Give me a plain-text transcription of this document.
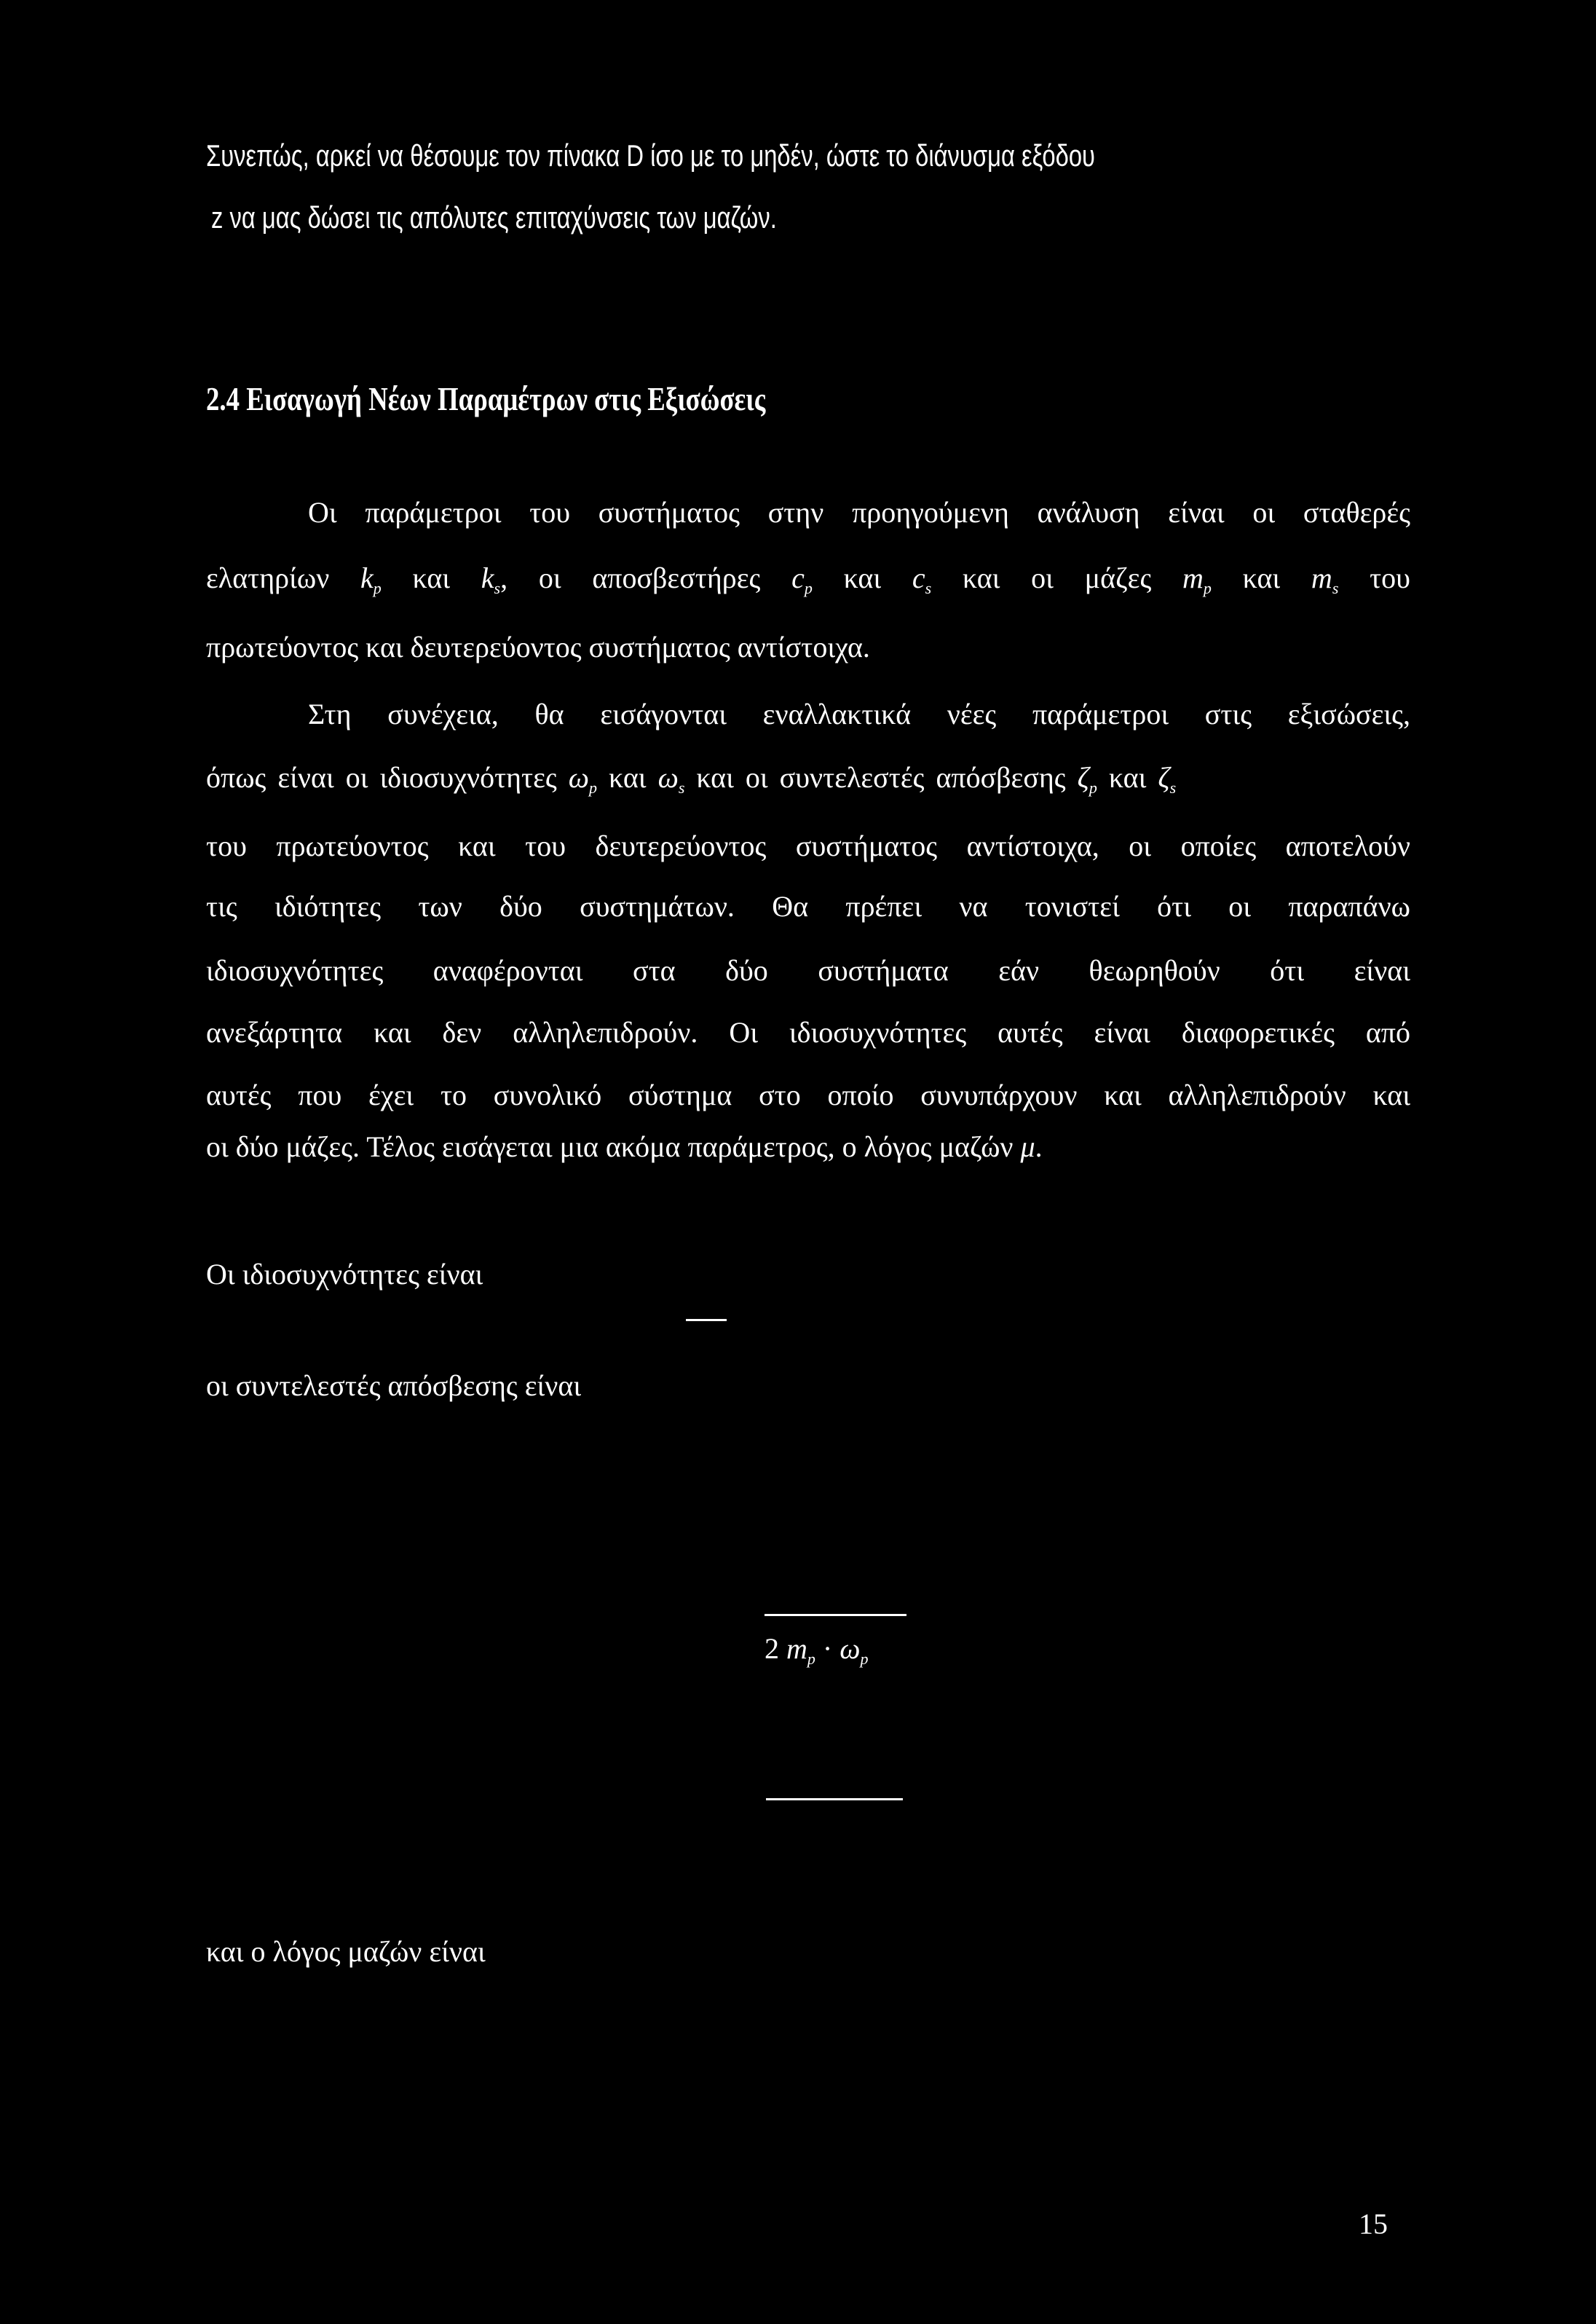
Συνεπώς, αρκεί να θέσουμε τον πίνακα D ίσο με το μηδέν, ώστε το διάνυσμα εξόδου
z να μας δώσει τις απόλυτες επιταχύνσεις των μαζών.
2.4 Εισαγωγή Νέων Παραμέτρων στις Εξισώσεις
Οι παράμετροι του συστήματος στην προηγούμενη ανάλυση είναι οι σταθερές
ελατηρίων $k_p$ και $k_s$, οι αποσβεστήρες $c_p$ και $c_s$ και οι μάζες $m_p$ και $m_s$ του
πρωτεύοντος και δευτερεύοντος συστήματος αντίστοιχα.
Στη συνέχεια, θα εισάγονται εναλλακτικά νέες παράμετροι στις εξισώσεις,
όπως είναι οι ιδιοσυχνότητες $\omega_p$ και $\omega_s$ και οι συντελεστές απόσβεσης $\zeta_p$ και $\zeta_s$
του πρωτεύοντος και του δευτερεύοντος συστήματος αντίστοιχα, οι οποίες αποτελούν
τις ιδιότητες των δύο συστημάτων. Θα πρέπει να τονιστεί ότι οι παραπάνω
ιδιοσυχνότητες αναφέρονται στα δύο συστήματα εάν θεωρηθούν ότι είναι
ανεξάρτητα και δεν αλληλεπιδρούν. Οι ιδιοσυχνότητες αυτές είναι διαφορετικές από
αυτές που έχει το συνολικό σύστημα στο οποίο συνυπάρχουν και αλληλεπιδρούν και
οι δύο μάζες. Τέλος εισάγεται μια ακόμα παράμετρος, ο λόγος μαζών μ.
Οι ιδιοσυχνότητες είναι
οι συντελεστές απόσβεσης είναι
2 $m_p \cdot \omega_p$
και ο λόγος μαζών είναι
15
